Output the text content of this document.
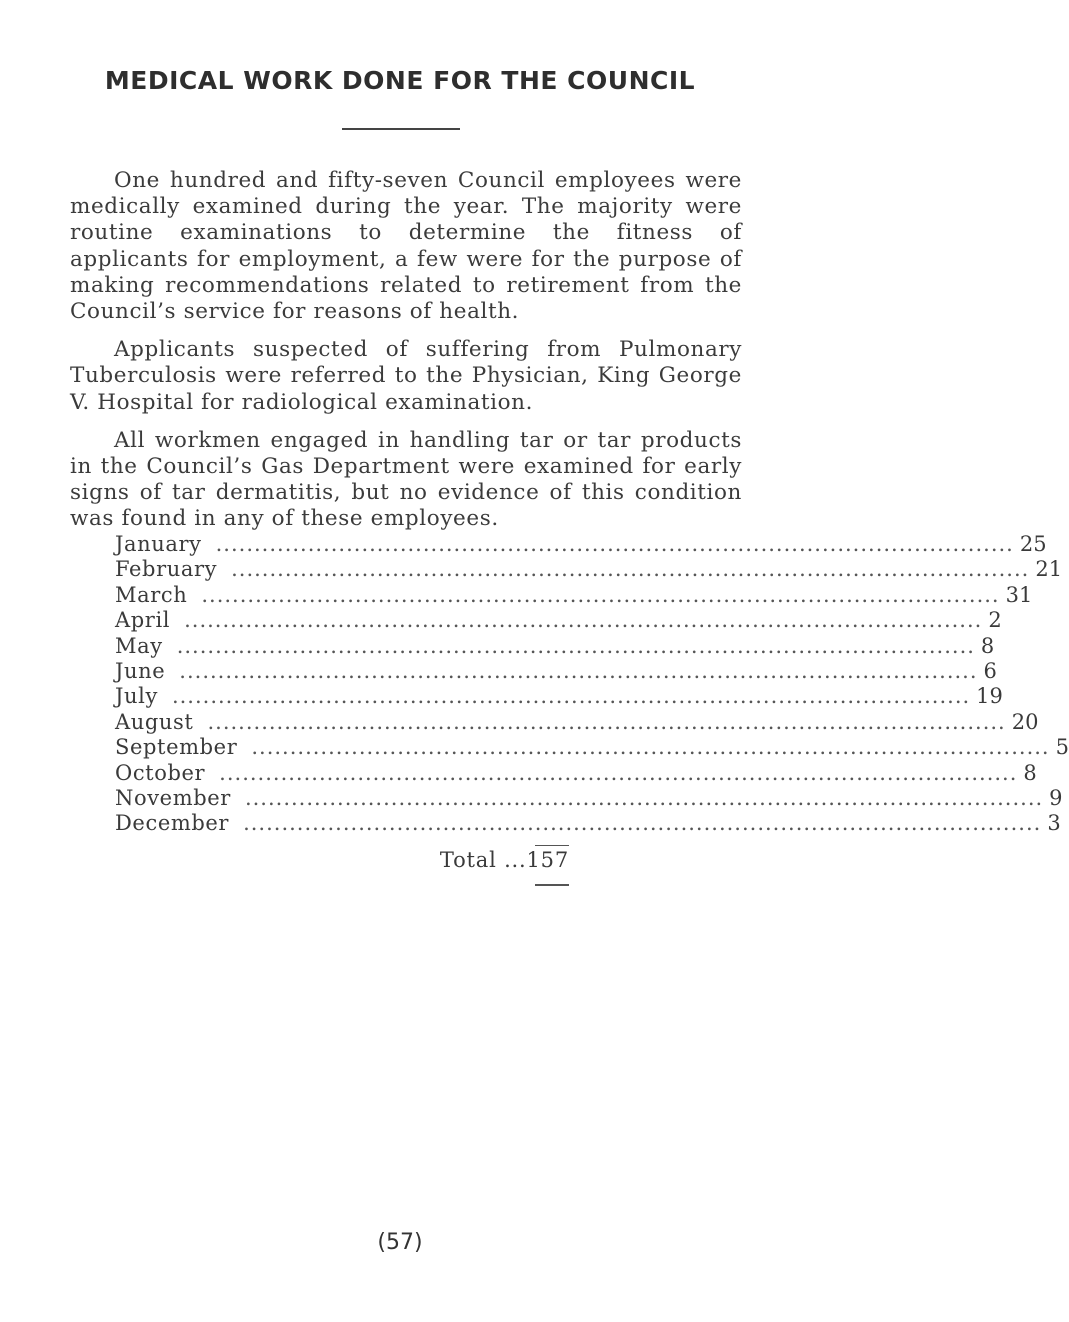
MEDICAL WORK DONE FOR THE COUNCIL

One hundred and fifty-seven Council employees were medically examined during the year. The majority were routine examinations to determine the fitness of applicants for employment, a few were for the purpose of making recommendations related to retirement from the Council’s service for reasons of health.

Applicants suspected of suffering from Pulmonary Tuberculosis were referred to the Physician, King George V. Hospital for radiological examination.

All workmen engaged in handling tar or tar products in the Council’s Gas Department were examined for early signs of tar dermatitis, but no evidence of this condition was found in any of these employees.

January ........................................................................................................ 25
February ........................................................................................................ 21
March ........................................................................................................ 31
April ........................................................................................................ 2
May ........................................................................................................ 8
June ........................................................................................................ 6
July ........................................................................................................ 19
August ........................................................................................................ 20
September ........................................................................................................ 5
October ........................................................................................................ 8
November ........................................................................................................ 9
December ........................................................................................................ 3
Total ...157
(57)
